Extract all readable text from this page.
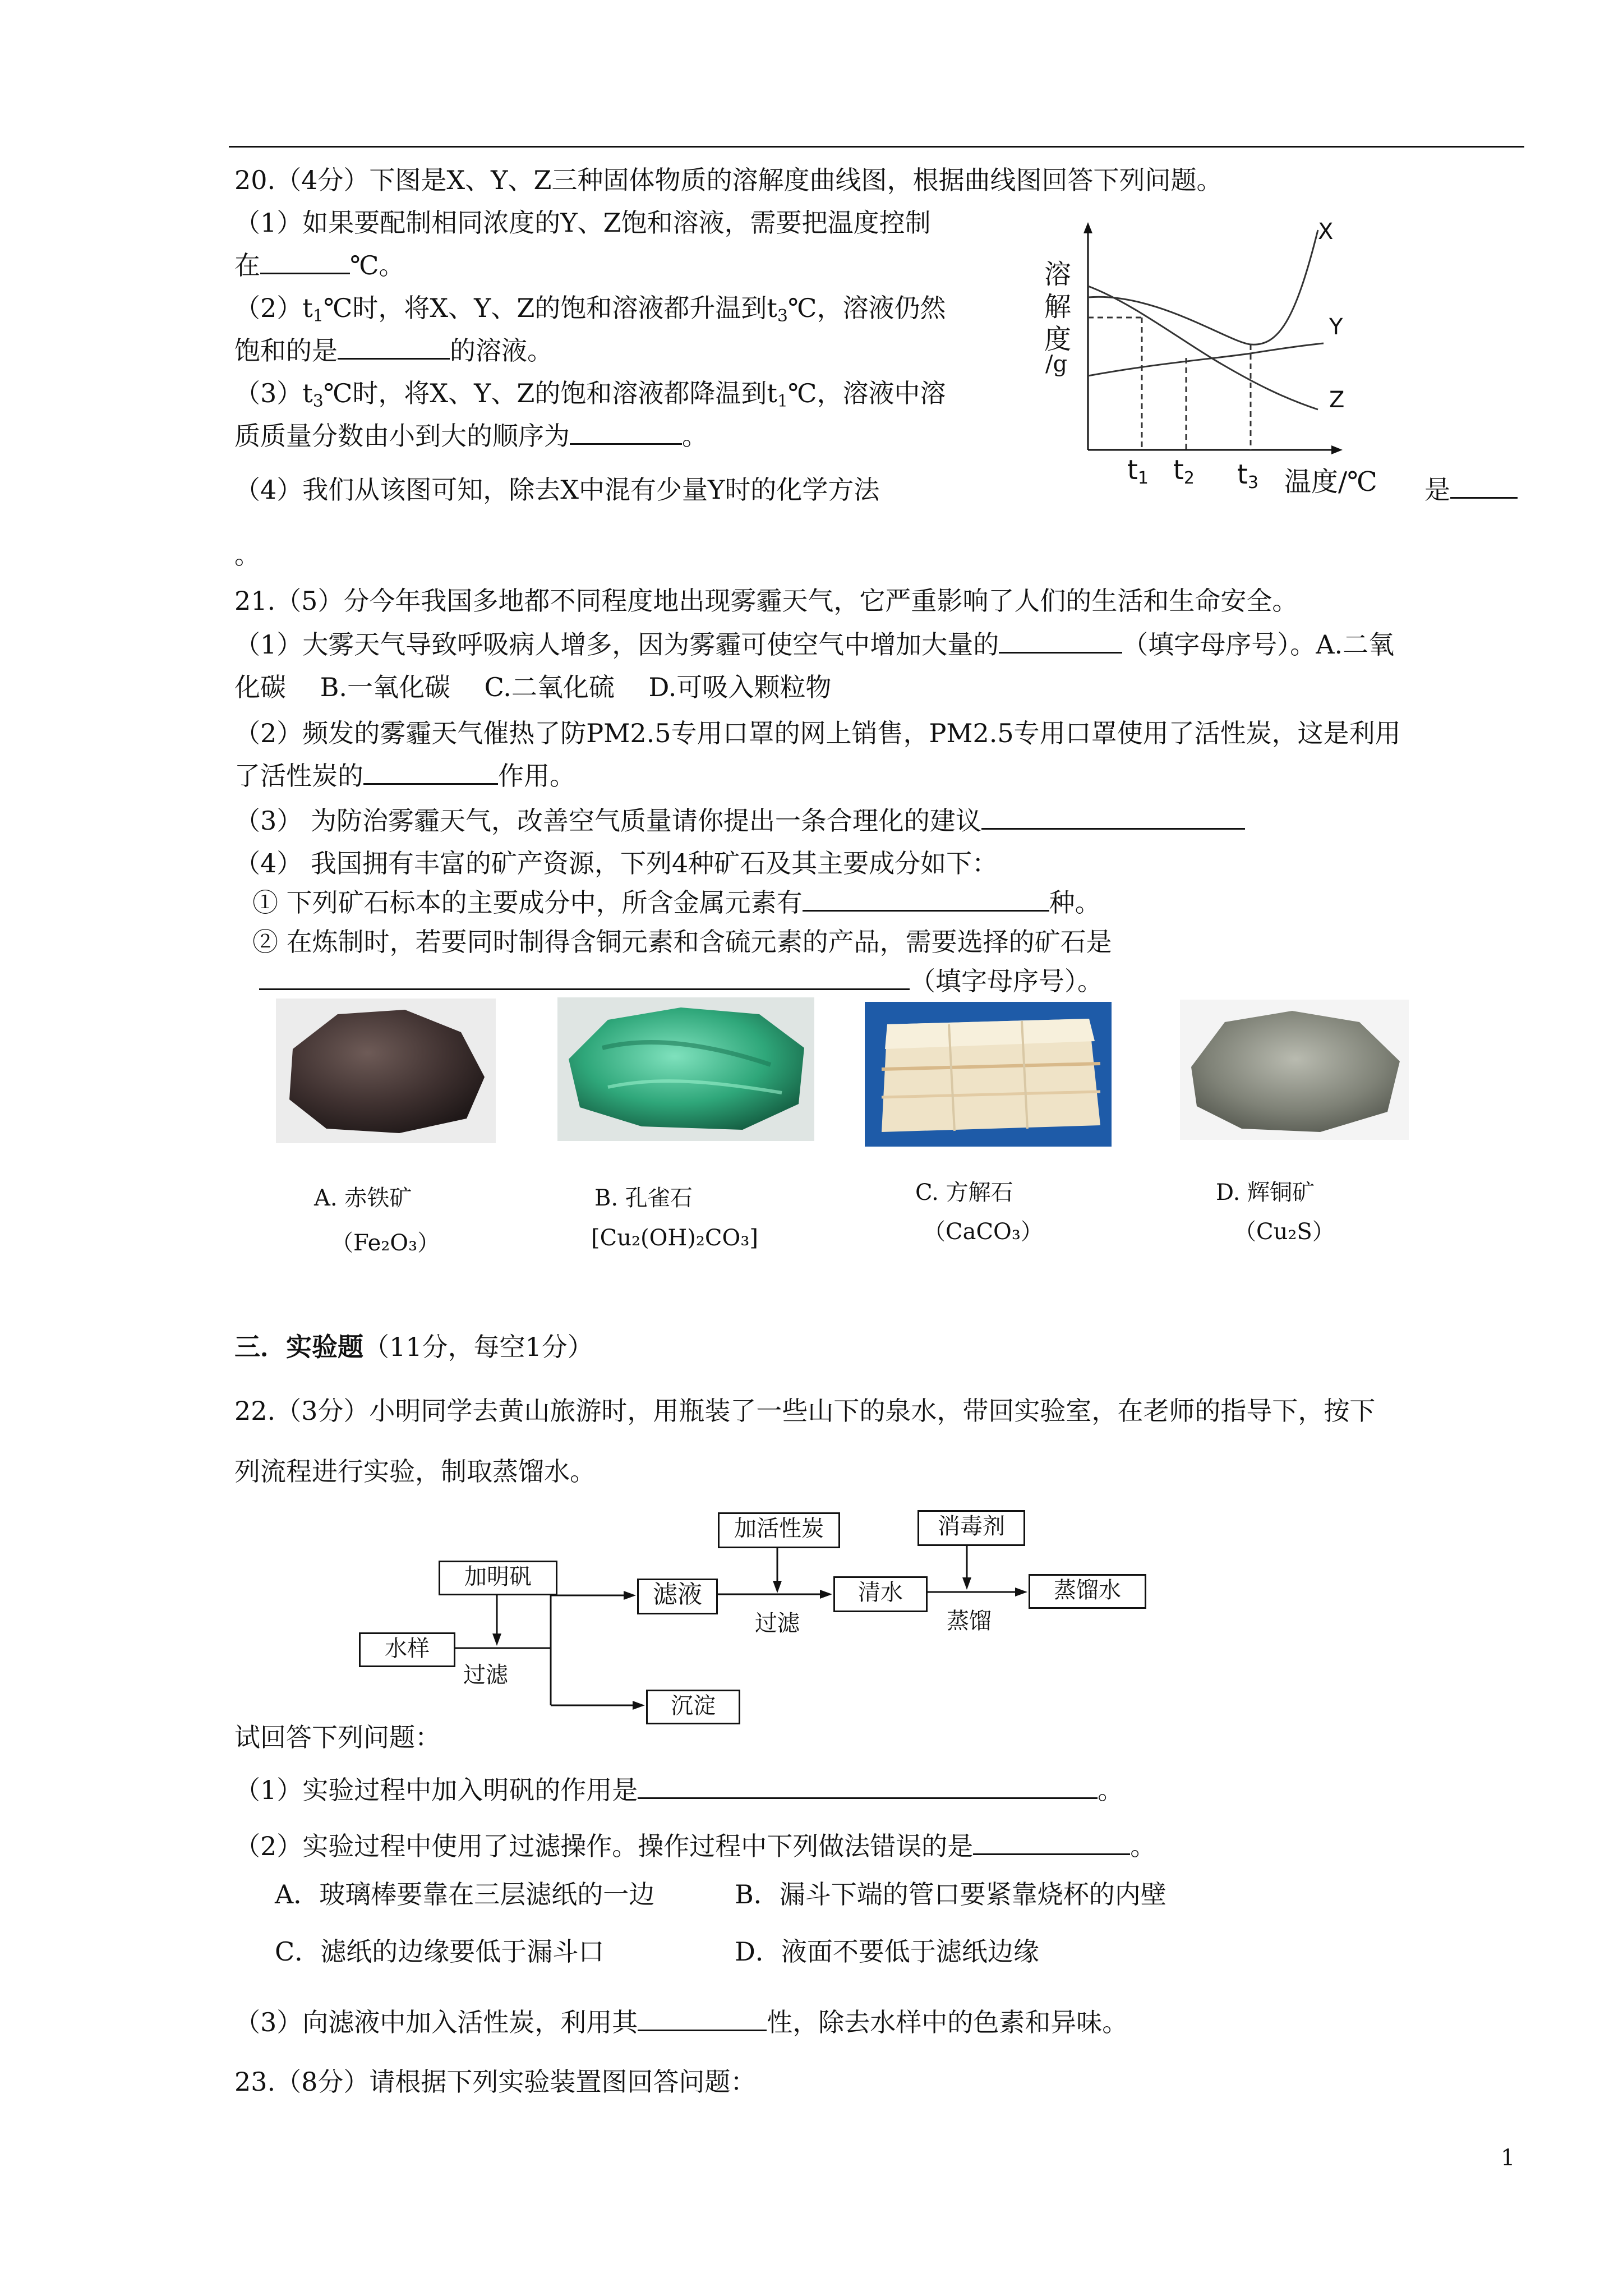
20.（4分）下图是X、Y、Z三种固体物质的溶解度曲线图，根据曲线图回答下列问题。
（1）如果要配制相同浓度的Y、Z饱和溶液，需要把温度控制
在	℃。
$(2)t_1℃$时，将X、Y、Z的饱和溶液都升温到$t_3℃$，溶液仍然
饱和的是	的溶液。
$(3)t_3℃$时，将X、Y、Z的饱和溶液都降温到$t_1℃$，溶液中溶
质质量分数由小到大的顺序为	。
（4）我们从该图可知，除去X中混有少量Y时的化学方法	是
。
溶
解
度
/g
X
Y
Z
$t_1$ $t_2$ $t_3$ 温度/℃
21.（5）分今年我国多地都不同程度地出现雾霾天气，它严重影响了人们的生活和生命安全。
（1）大雾天气导致呼吸病人增多，因为雾霾可使空气中增加大量的	（填字母序号）。A.二氧
化碳　 B.一氧化碳　 C.二氧化硫　 D.可吸入颗粒物
（2）频发的雾霾天气催热了防PM2.5专用口罩的网上销售，PM2.5专用口罩使用了活性炭，这是利用
了活性炭的	作用。
（3） 为防治雾霾天气，改善空气质量请你提出一条合理化的建议
（4） 我国拥有丰富的矿产资源，下列4种矿石及其主要成分如下：
① 下列矿石标本的主要成分中，所含金属元素有	种。
② 在炼制时，若要同时制得含铜元素和含硫元素的产品，需要选择的矿石是
（填字母序号）。
A. 赤铁矿
（Fe₂O₃）
B. 孔雀石
[Cu₂(OH)₂CO₃]
C. 方解石
（CaCO₃）
D. 辉铜矿
（Cu₂S）
三．实验题（11分，每空1分）
22.（3分）小明同学去黄山旅游时，用瓶装了一些山下的泉水，带回实验室，在老师的指导下，按下
列流程进行实验，制取蒸馏水。
水样
加明矾
过滤
滤液
沉淀
加活性炭
过滤
清水
消毒剂
蒸馏
蒸馏水
试回答下列问题：
（1）实验过程中加入明矾的作用是	。
（2）实验过程中使用了过滤操作。操作过程中下列做法错误的是	。
A．玻璃棒要靠在三层滤纸的一边	B．漏斗下端的管口要紧靠烧杯的内壁
C．滤纸的边缘要低于漏斗口	D．液面不要低于滤纸边缘
（3）向滤液中加入活性炭，利用其	性，除去水样中的色素和异味。
23.（8分）请根据下列实验装置图回答问题：
1
